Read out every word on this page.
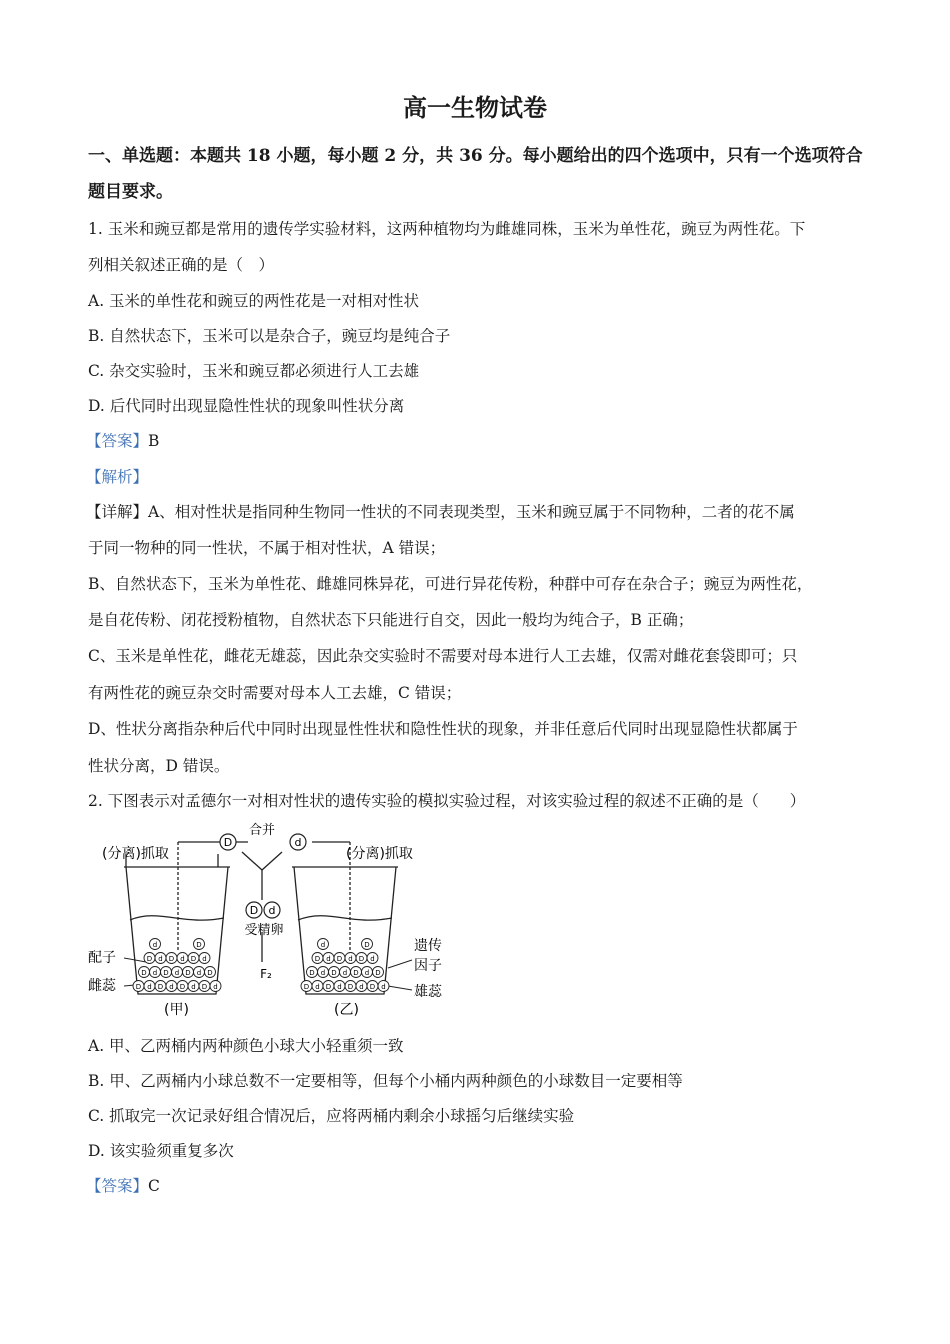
高一生物试卷
一、单选题：本题共 18 小题，每小题 2 分，共 36 分。每小题给出的四个选项中，只有一个选项符合题目要求。
1. 玉米和豌豆都是常用的遗传学实验材料，这两种植物均为雌雄同株，玉米为单性花，豌豆为两性花。下
列相关叙述正确的是（　）
A. 玉米的单性花和豌豆的两性花是一对相对性状
B. 自然状态下，玉米可以是杂合子，豌豆均是纯合子
C. 杂交实验时，玉米和豌豆都必须进行人工去雄
D. 后代同时出现显隐性性状的现象叫性状分离
【答案】B
【解析】
【详解】A、相对性状是指同种生物同一性状的不同表现类型，玉米和豌豆属于不同物种，二者的花不属
于同一物种的同一性状，不属于相对性状，A 错误；
B、自然状态下，玉米为单性花、雌雄同株异花，可进行异花传粉，种群中可存在杂合子；豌豆为两性花，
是自花传粉、闭花授粉植物，自然状态下只能进行自交，因此一般均为纯合子，B 正确；
C、玉米是单性花，雌花无雄蕊，因此杂交实验时不需要对母本进行人工去雄，仅需对雌花套袋即可；只
有两性花的豌豆杂交时需要对母本人工去雄，C 错误；
D、性状分离指杂种后代中同时出现显性性状和隐性性状的现象，并非任意后代同时出现显隐性状都属于
性状分离，D 错误。
2. 下图表示对孟德尔一对相对性状的遗传实验的模拟实验过程，对该实验过程的叙述不正确的是（　　）
D	d
合并
D d
受精卵
F₂
(分离)抓取	(分离)抓取
配子
雌蕊
遗传
因子
雄蕊
(甲)	(乙)
d	D
D d D d D d
D d D d D d D
D d D d D d D d
d	D
D d D d D d
D d D d D d D
D d D d D d D d
A. 甲、乙两桶内两种颜色小球大小轻重须一致
B. 甲、乙两桶内小球总数不一定要相等，但每个小桶内两种颜色的小球数目一定要相等
C. 抓取完一次记录好组合情况后，应将两桶内剩余小球摇匀后继续实验
D. 该实验须重复多次
【答案】C
